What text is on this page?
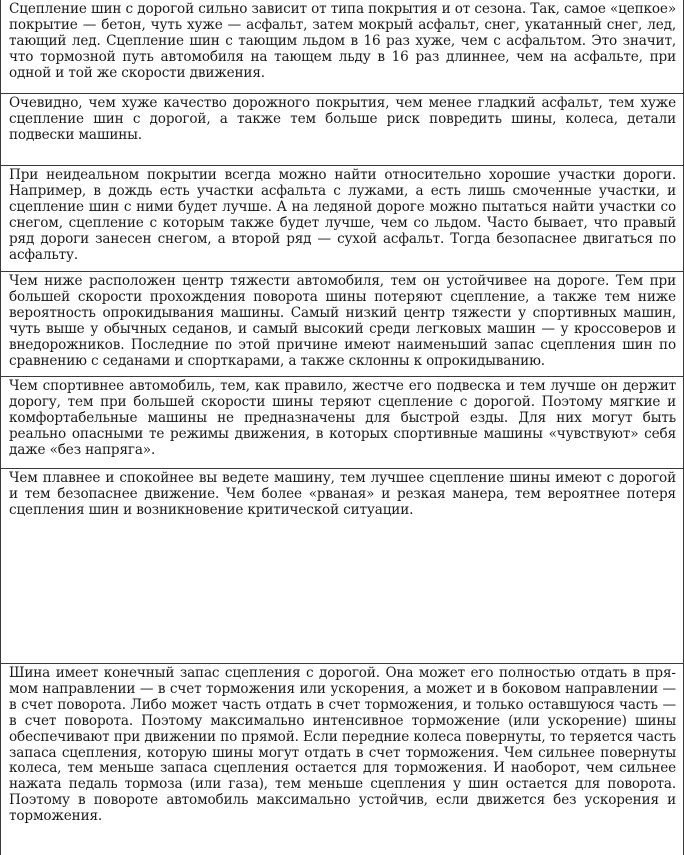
Сцепление шин с дорогой сильно зависит от типа покрытия и от сезона. Так, самое «цепкое» покрытие — бетон, чуть хуже — асфальт, затем мокрый асфальт, снег, укатанный снег, лед, тающий лед. Сцепление шин с тающим льдом в 16 раз хуже, чем с асфальтом. Это значит, что тормозной путь автомобиля на тающем льду в 16 раз длиннее, чем на асфальте, при одной и той же скорости движения.

Очевидно, чем хуже качество дорожного покрытия, чем менее гладкий асфальт, тем хуже сцепление шин с дорогой, а также тем больше риск повредить шины, колеса, детали подвески машины.

При неидеальном покрытии всегда можно найти относительно хорошие участки дороги. Например, в дождь есть участки асфальта с лужами, а есть лишь смоченные участки, и сцепление шин с ними будет лучше. А на ледяной дороге можно пытаться найти участки со снегом, сцепление с которым также будет лучше, чем со льдом. Часто бывает, что правый ряд дороги занесен снегом, а второй ряд — сухой асфальт. Тогда безопаснее двигаться по асфальту.

Чем ниже расположен центр тяжести автомобиля, тем он устойчивее на дороге. Тем при большей скорости прохождения поворота шины потеряют сцепление, а также тем ниже вероятность опрокидывания машины. Самый низкий центр тяжести у спортивных машин, чуть выше у обычных седанов, и самый высокий среди легковых машин — у кроссоверов и внедорожников. Последние по этой причине имеют наименьший запас сцепления шин по сравнению с седанами и спорткарами, а также склонны к опрокидыванию.

Чем спортивнее автомобиль, тем, как правило, жестче его подвеска и тем лучше он держит дорогу, тем при большей скорости шины теряют сцепление с дорогой. Поэтому мягкие и комфортабельные машины не предназначены для быстрой езды. Для них могут быть реально опасными те режимы движения, в которых спортивные машины «чувствуют» себя даже «без напряга».

Чем плавнее и спокойнее вы ведете машину, тем лучшее сцепление шины имеют с дорогой и тем безопаснее движение. Чем более «рваная» и резкая манера, тем вероятнее потеря сцепления шин и возникновение критической ситуации.

Шина имеет конечный запас сцепления с дорогой. Она может его полностью отдать в прямом направлении — в счет торможения или ускорения, а может и в боковом направлении — в счет поворота. Либо может часть отдать в счет торможения, и только оставшуюся часть — в счет поворота. Поэтому максимально интенсивное торможение (или ускорение) шины обеспечивают при движении по прямой. Если передние колеса повернуты, то теряется часть запаса сцепления, которую шины могут отдать в счет торможения. Чем сильнее повернуты колеса, тем меньше запаса сцепления остается для торможения. И наоборот, чем сильнее нажата педаль тормоза (или газа), тем меньше сцепления у шин остается для поворота. Поэтому в повороте автомобиль максимально устойчив, если движется без ускорения и торможения.
